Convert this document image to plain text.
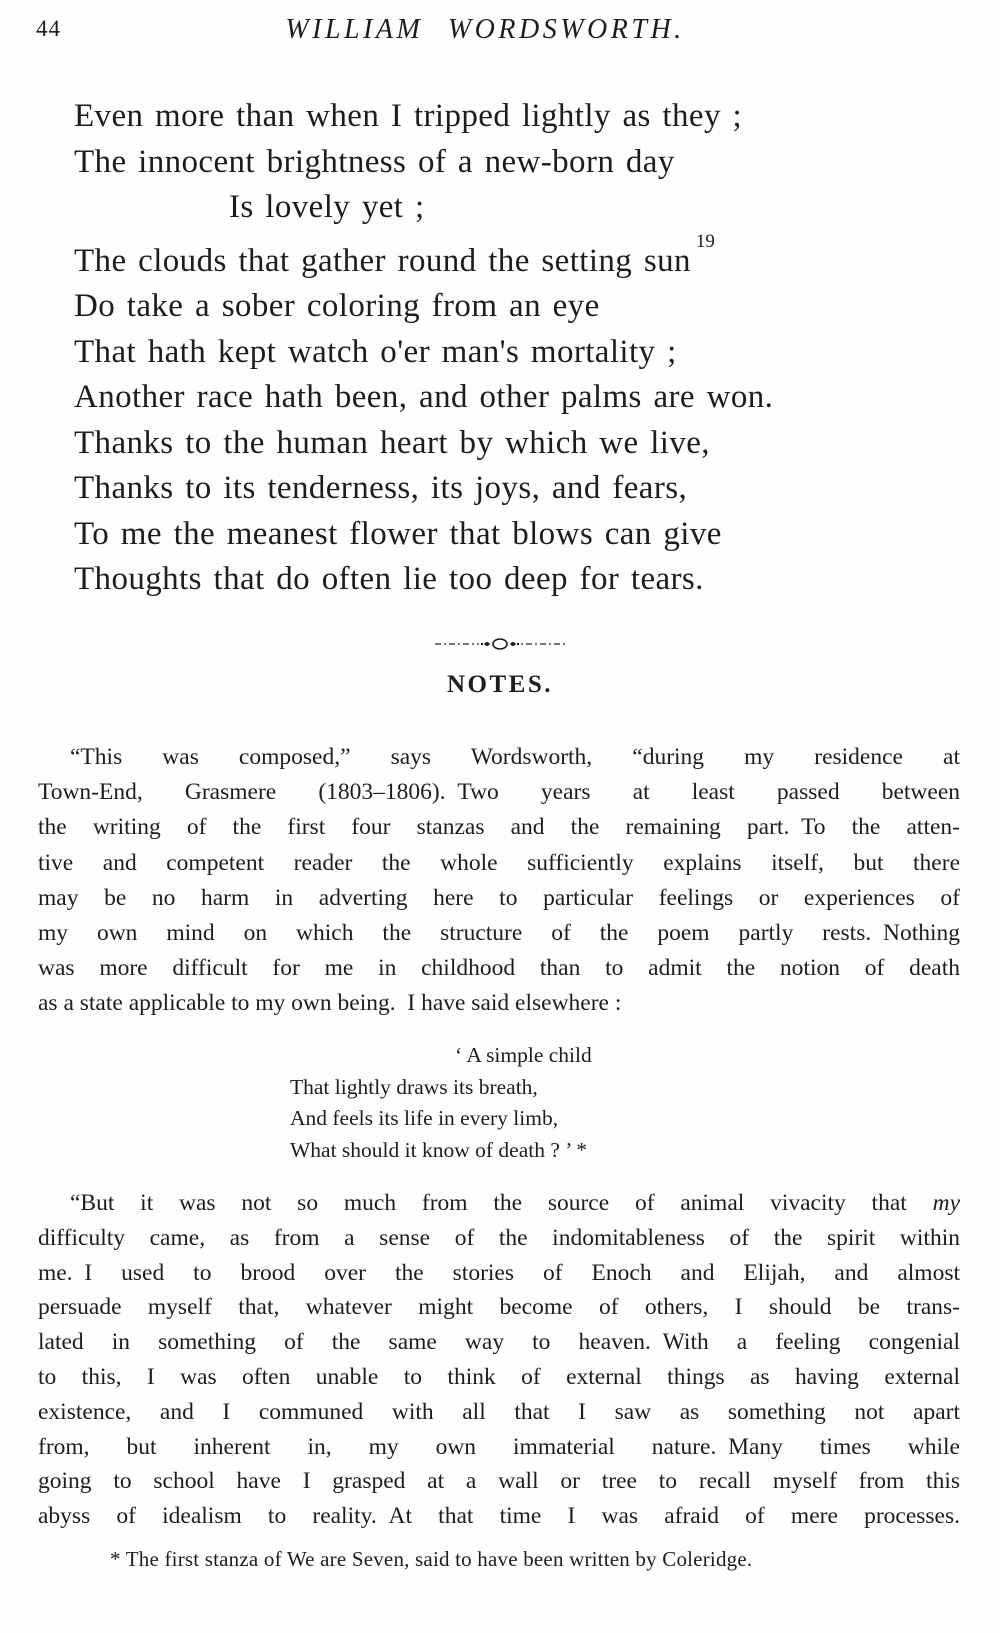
44	WILLIAM WORDSWORTH.
Even more than when I tripped lightly as they ;
The innocent brightness of a new-born day
Is lovely yet ;
The clouds that gather round the setting sun$^{19}$
Do take a sober coloring from an eye
That hath kept watch o'er man's mortality ;
Another race hath been, and other palms are won.
Thanks to the human heart by which we live,
Thanks to its tenderness, its joys, and fears,
To me the meanest flower that blows can give
Thoughts that do often lie too deep for tears.
NOTES.
“This was composed,” says Wordsworth, “during my residence at
Town-End, Grasmere (1803–1806). Two years at least passed between
the writing of the first four stanzas and the remaining part. To the atten-
tive and competent reader the whole sufficiently explains itself, but there
may be no harm in adverting here to particular feelings or experiences of
my own mind on which the structure of the poem partly rests. Nothing
was more difficult for me in childhood than to admit the notion of death
as a state applicable to my own being. I have said elsewhere :
‘ A simple child
That lightly draws its breath,
And feels its life in every limb,
What should it know of death ? ’ *
“But it was not so much from the source of animal vivacity that my
difficulty came, as from a sense of the indomitableness of the spirit within
me. I used to brood over the stories of Enoch and Elijah, and almost
persuade myself that, whatever might become of others, I should be trans-
lated in something of the same way to heaven. With a feeling congenial
to this, I was often unable to think of external things as having external
existence, and I communed with all that I saw as something not apart
from, but inherent in, my own immaterial nature. Many times while
going to school have I grasped at a wall or tree to recall myself from this
abyss of idealism to reality. At that time I was afraid of mere processes.
* The first stanza of We are Seven, said to have been written by Coleridge.
